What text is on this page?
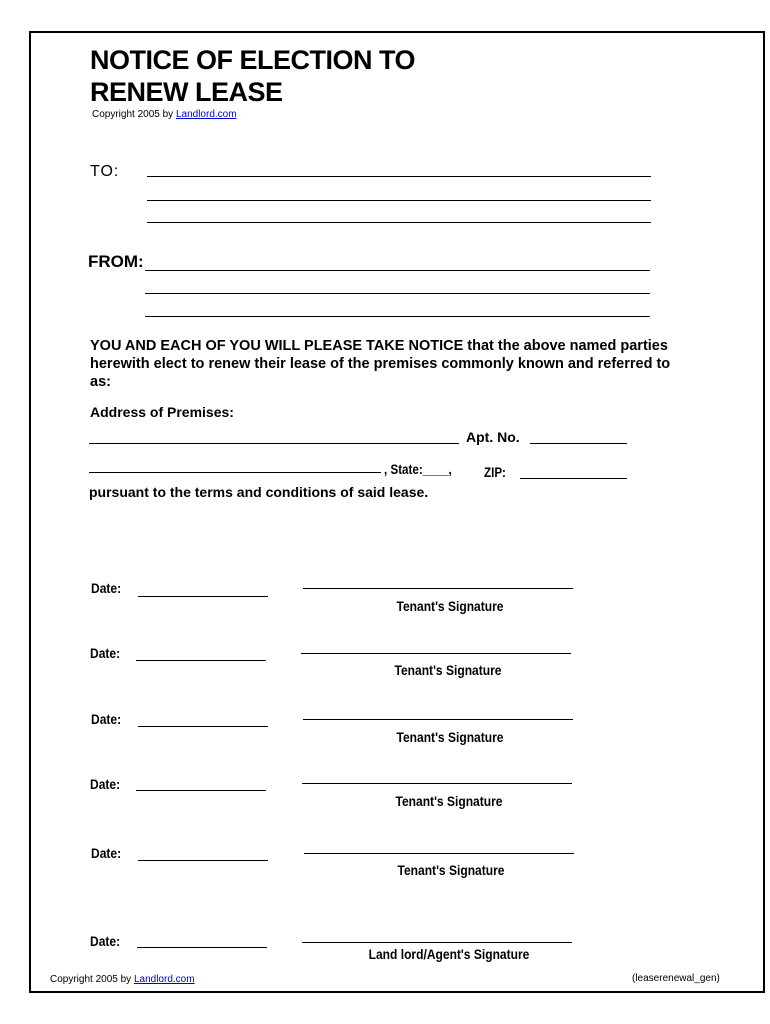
NOTICE OF ELECTION TO
RENEW LEASE
Copyright 2005 by Landlord.com
TO:
FROM:
YOU AND EACH OF YOU WILL PLEASE TAKE NOTICE that the above named parties herewith elect to renew their lease of the premises commonly known and referred to as:
Address of Premises:
Apt. No.
, State:____, ZIP:
pursuant to the terms and conditions of said lease.
Date:
Tenant's Signature
Date:
Tenant's Signature
Date:
Tenant's Signature
Date:
Tenant's Signature
Date:
Tenant's Signature
Date:
Land lord/Agent's Signature
Copyright 2005 by Landlord.com	(leaserenewal_gen)
